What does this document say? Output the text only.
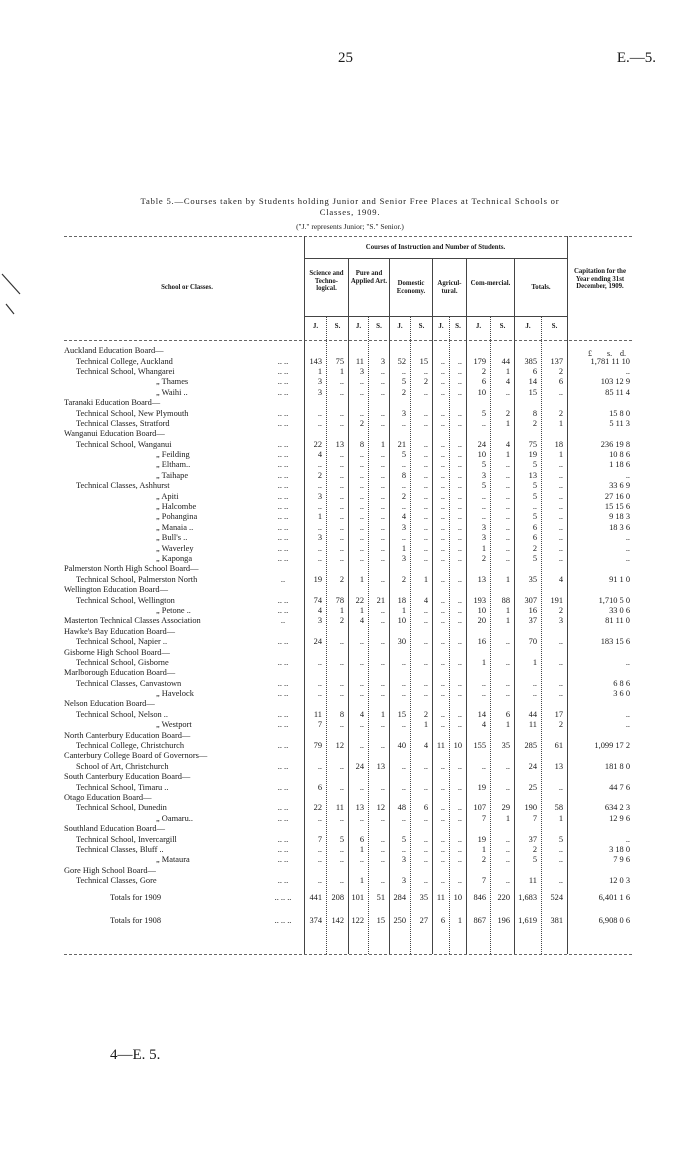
25	E.—5.
Table 5.—Courses taken by Students holding Junior and Senior Free Places at Technical Schools or
Classes, 1909.
("J." represents Junior; "S." Senior.)
Courses of Instruction and Number of Students.
School or Classes.
Science and Techno-logical.
Pure and Applied Art.	Domestic Economy.
Agricul-tural.
Com-mercial.
Totals.
Capitation for the Year ending 31st December, 1909.
J.	S.	J.	S.	J.	S.	J.	S.	J.	S.	J.	S.
£ s. d.
Auckland Education Board—														
Technical College, Auckland	.. ..	143	75	11	3	52	15	..	..	179	44	385	137	1,781 11 10
Technical School, Whangarei	.. ..	1	1	3	..	..	..	..	..	2	1	6	2	..
„ Thames	.. ..	3	..	..	..	5	2	..	..	6	4	14	6	103 12 9
„ Waihi ..	.. ..	3	..	..	..	2	..	..	..	10	..	15	..	85 11 4
Taranaki Education Board—														
Technical School, New Plymouth	.. ..	..	..	..	..	3	..	..	..	5	2	8	2	15 8 0
Technical Classes, Stratford	.. ..	..	..	2	..	..	..	..	..	..	1	2	1	5 11 3
Wanganui Education Board—														
Technical School, Wanganui	.. ..	22	13	8	1	21	..	..	..	24	4	75	18	236 19 8
„ Feilding	.. ..	4	..	..	..	5	..	..	..	10	1	19	1	10 8 6
„ Eltham..	.. ..	..	..	..	..	..	..	..	..	5	..	5	..	1 18 6
„ Taihape	.. ..	2	..	..	..	8	..	..	..	3	..	13	..	..
Technical Classes, Ashhurst	.. ..	..	..	..	..	..	..	..	..	5	..	5	..	33 6 9
„ Apiti	.. ..	3	..	..	..	2	..	..	..	..	..	5	..	27 16 0
„ Halcombe	.. ..	..	..	..	..	..	..	..	..	..	..	..	..	15 15 6
„ Pohangina	.. ..	1	..	..	..	4	..	..	..	..	..	5	..	9 18 3
„ Manaia ..	.. ..	..	..	..	..	3	..	..	..	3	..	6	..	18 3 6
„ Bull's ..	.. ..	3	..	..	..	..	..	..	..	3	..	6	..	..
„ Waverley	.. ..	..	..	..	..	1	..	..	..	1	..	2	..	..
„ Kaponga	.. ..	..	..	..	..	3	..	..	..	2	..	5	..	..
Palmerston North High School Board—														
Technical School, Palmerston North	..	19	2	1	..	2	1	..	..	13	1	35	4	91 1 0
Wellington Education Board—														
Technical School, Wellington	.. ..	74	78	22	21	18	4	..	..	193	88	307	191	1,710 5 0
„ Petone ..	.. ..	4	1	1	..	1	..	..	..	10	1	16	2	33 0 6
Masterton Technical Classes Association	..	3	2	4	..	10	..	..	..	20	1	37	3	81 11 0
Hawke's Bay Education Board—														
Technical School, Napier ..	.. ..	24	..	..	..	30	..	..	..	16	..	70	..	183 15 6
Gisborne High School Board—														
Technical School, Gisborne	.. ..	..	..	..	..	..	..	..	..	1	..	1	..	..
Marlborough Education Board—														
Technical Classes, Canvastown	.. ..	..	..	..	..	..	..	..	..	..	..	..	..	6 8 6
„ Havelock	.. ..	..	..	..	..	..	..	..	..	..	..	..	..	3 6 0
Nelson Education Board—														
Technical School, Nelson ..	.. ..	11	8	4	1	15	2	..	..	14	6	44	17	..
„ Westport	.. ..	7	..	..	..	..	1	..	..	4	1	11	2	..
North Canterbury Education Board—														
Technical College, Christchurch	.. ..	79	12	..	..	40	4	11	10	155	35	285	61	1,099 17 2
Canterbury College Board of Governors—														
School of Art, Christchurch	.. ..	..	..	24	13	..	..	..	..	..	..	24	13	181 8 0
South Canterbury Education Board—														
Technical School, Timaru ..	.. ..	6	..	..	..	..	..	..	..	19	..	25	..	44 7 6
Otago Education Board—														
Technical School, Dunedin	.. ..	22	11	13	12	48	6	..	..	107	29	190	58	634 2 3
„ Oamaru..	.. ..	..	..	..	..	..	..	..	..	7	1	7	1	12 9 6
Southland Education Board—														
Technical School, Invercargill	.. ..	7	5	6	..	5	..	..	..	19	..	37	5	..
Technical Classes, Bluff ..	.. ..	..	..	1	..	..	..	..	..	1	..	2	..	3 18 0
„ Mataura	.. ..	..	..	..	..	3	..	..	..	2	..	5	..	7 9 6
Gore High School Board—														
Technical Classes, Gore	.. ..	..	..	1	..	3	..	..	..	7	..	11	..	12 0 3
Totals for 1909	.. .. ..	441	208	101	51	284	35	11	10	846	220	1,683	524	6,401 1 6
Totals for 1908	.. .. ..	374	142	122	15	250	27	6	1	867	196	1,619	381	6,908 0 6
4—E. 5.
